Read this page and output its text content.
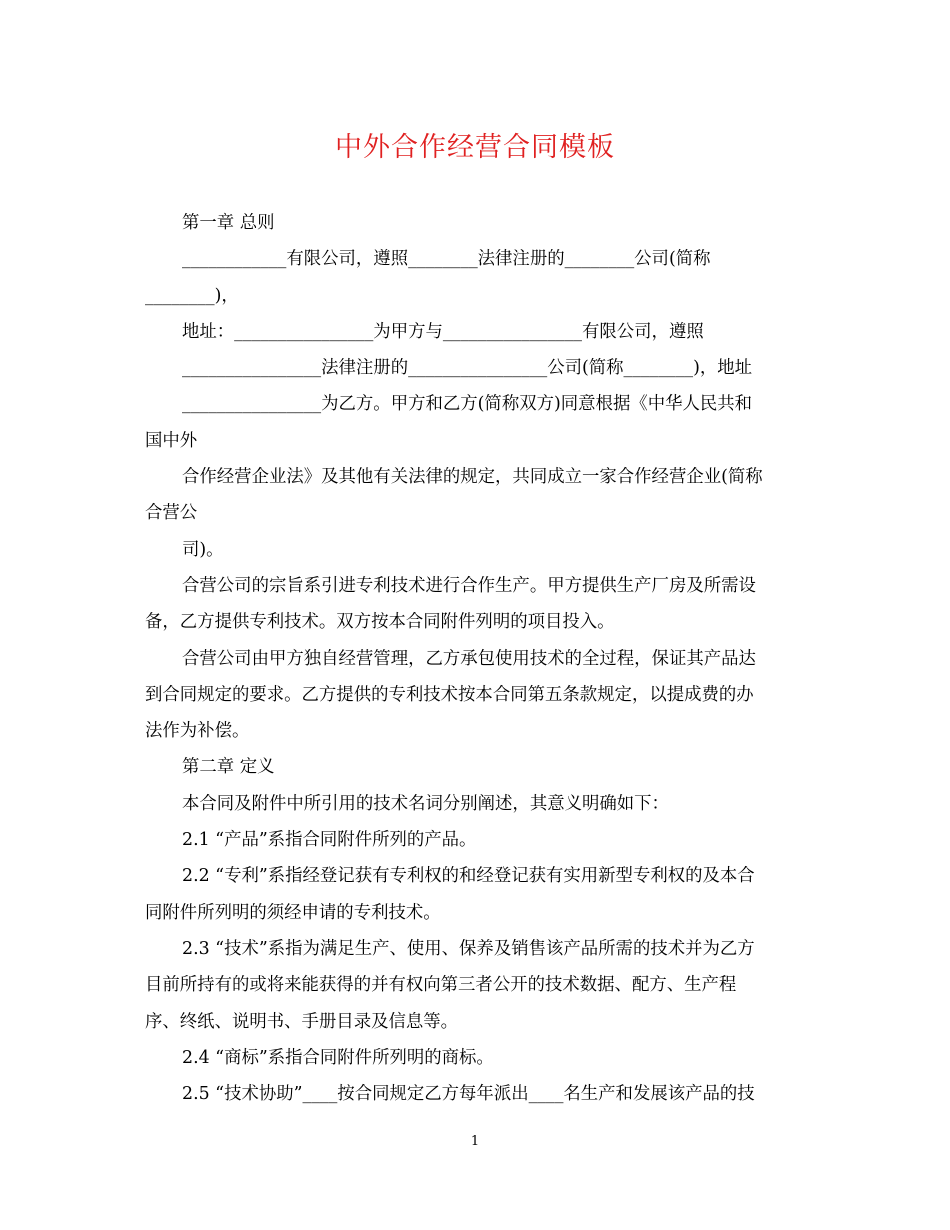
中外合作经营合同模板
第一章 总则
____________有限公司，遵照________法律注册的________公司(简称
________)，
地址：________________为甲方与________________有限公司，遵照
________________法律注册的________________公司(简称________)，地址
________________为乙方。甲方和乙方(简称双方)同意根据《中华人民共和
国中外
合作经营企业法》及其他有关法律的规定，共同成立一家合作经营企业(简称
合营公
司)。
合营公司的宗旨系引进专利技术进行合作生产。甲方提供生产厂房及所需设
备，乙方提供专利技术。双方按本合同附件列明的项目投入。
合营公司由甲方独自经营管理，乙方承包使用技术的全过程，保证其产品达
到合同规定的要求。乙方提供的专利技术按本合同第五条款规定，以提成费的办
法作为补偿。
第二章 定义
本合同及附件中所引用的技术名词分别阐述，其意义明确如下：
2.1 “产品”系指合同附件所列的产品。
2.2 “专利”系指经登记获有专利权的和经登记获有实用新型专利权的及本合
同附件所列明的须经申请的专利技术。
2.3 “技术”系指为满足生产、使用、保养及销售该产品所需的技术并为乙方
目前所持有的或将来能获得的并有权向第三者公开的技术数据、配方、生产程
序、终纸、说明书、手册目录及信息等。
2.4 “商标”系指合同附件所列明的商标。
2.5 “技术协助”____按合同规定乙方每年派出____名生产和发展该产品的技
1
